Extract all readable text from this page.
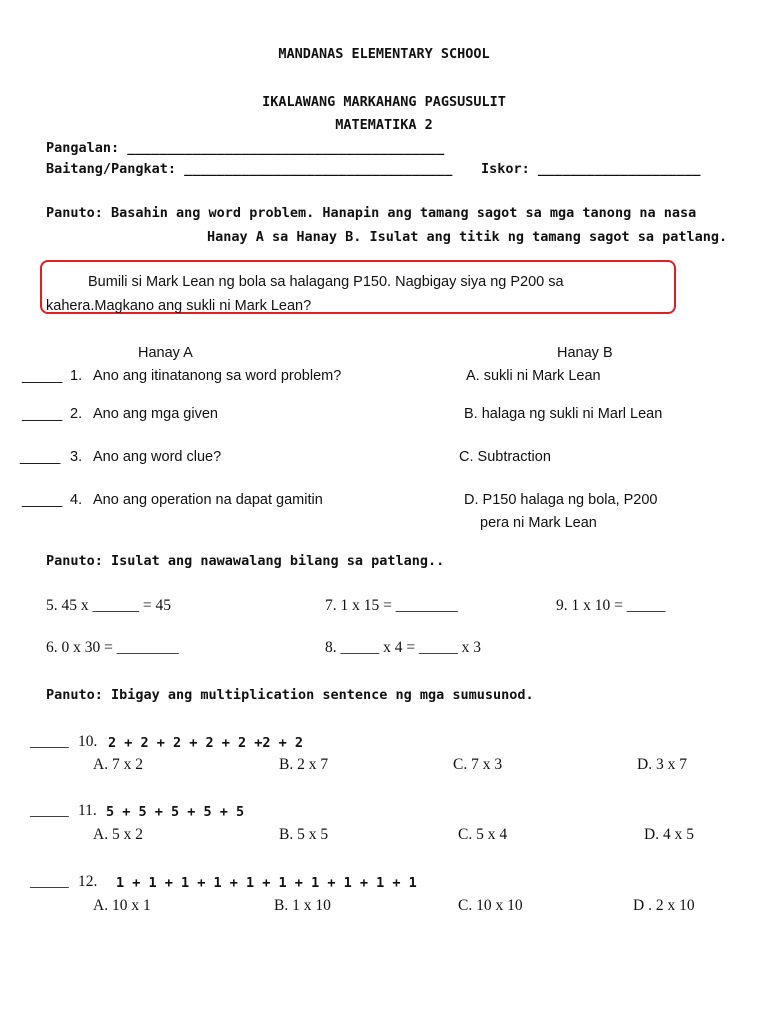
MANDANAS ELEMENTARY SCHOOL
IKALAWANG MARKAHANG PAGSUSULIT
MATEMATIKA 2
Pangalan: _______________________________________
Baitang/Pangkat: _________________________________ Iskor: ____________________
Panuto: Basahin ang word problem. Hanapin ang tamang sagot sa mga tanong na nasa
Hanay A sa Hanay B. Isulat ang titik ng tamang sagot sa patlang.
Bumili si Mark Lean ng bola sa halagang P150. Nagbigay siya ng P200 sa
kahera.Magkano ang sukli ni Mark Lean?
Hanay A	Hanay B
_____ 1. Ano ang itinatanong sa word problem?	A. sukli ni Mark Lean
_____ 2. Ano ang mga given	B. halaga ng sukli ni Marl Lean
_____ 3. Ano ang word clue?	C. Subtraction
_____ 4. Ano ang operation na dapat gamitin	D. P150 halaga ng bola, P200
pera ni Mark Lean
Panuto: Isulat ang nawawalang bilang sa patlang..
5. 45 x ______ = 45	7. 1 x 15 = ________	9. 1 x 10 = _____
6. 0 x 30 = ________	8. _____ x 4 = _____ x 3
Panuto: Ibigay ang multiplication sentence ng mga sumusunod.
_____ 10. 2 + 2 + 2 + 2 + 2 +2 + 2
A. 7 x 2	B. 2 x 7	C. 7 x 3	D. 3 x 7
_____ 11. 5 + 5 + 5 + 5 + 5
A. 5 x 2	B. 5 x 5	C. 5 x 4	D. 4 x 5
_____ 12. 1 + 1 + 1 + 1 + 1 + 1 + 1 + 1 + 1 + 1
A. 10 x 1	B. 1 x 10	C. 10 x 10	D . 2 x 10
